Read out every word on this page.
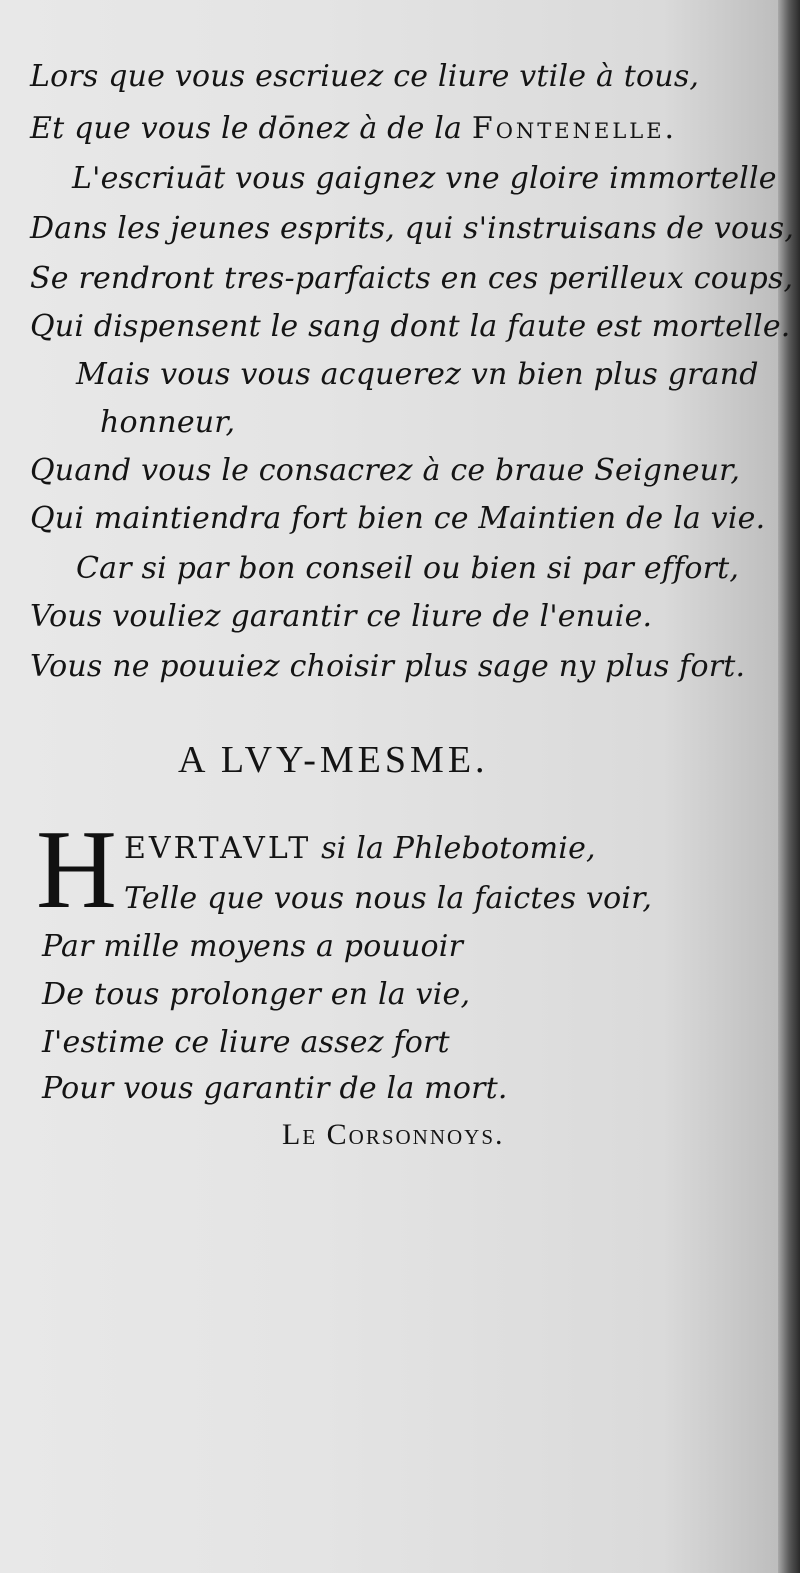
Lors que vous escriuez ce liure vtile à tous,
Et que vous le dōnez à de la Fontenelle.
L'escriuāt vous gaignez vne gloire immortelle
Dans les jeunes esprits, qui s'instruisans de vous,
Se rendront tres-parfaicts en ces perilleux coups,
Qui dispensent le sang dont la faute est mortelle.
Mais vous vous acquerez vn bien plus grand
honneur,
Quand vous le consacrez à ce braue Seigneur,
Qui maintiendra fort bien ce Maintien de la vie.
Car si par bon conseil ou bien si par effort,
Vous vouliez garantir ce liure de l'enuie.
Vous ne pouuiez choisir plus sage ny plus fort.
A LVY-MESME.
H EVRTAVLT si la Phlebotomie,
Telle que vous nous la faictes voir,
Par mille moyens a pouuoir
De tous prolonger en la vie,
I'estime ce liure assez fort
Pour vous garantir de la mort.
Le Corsonnoys.
